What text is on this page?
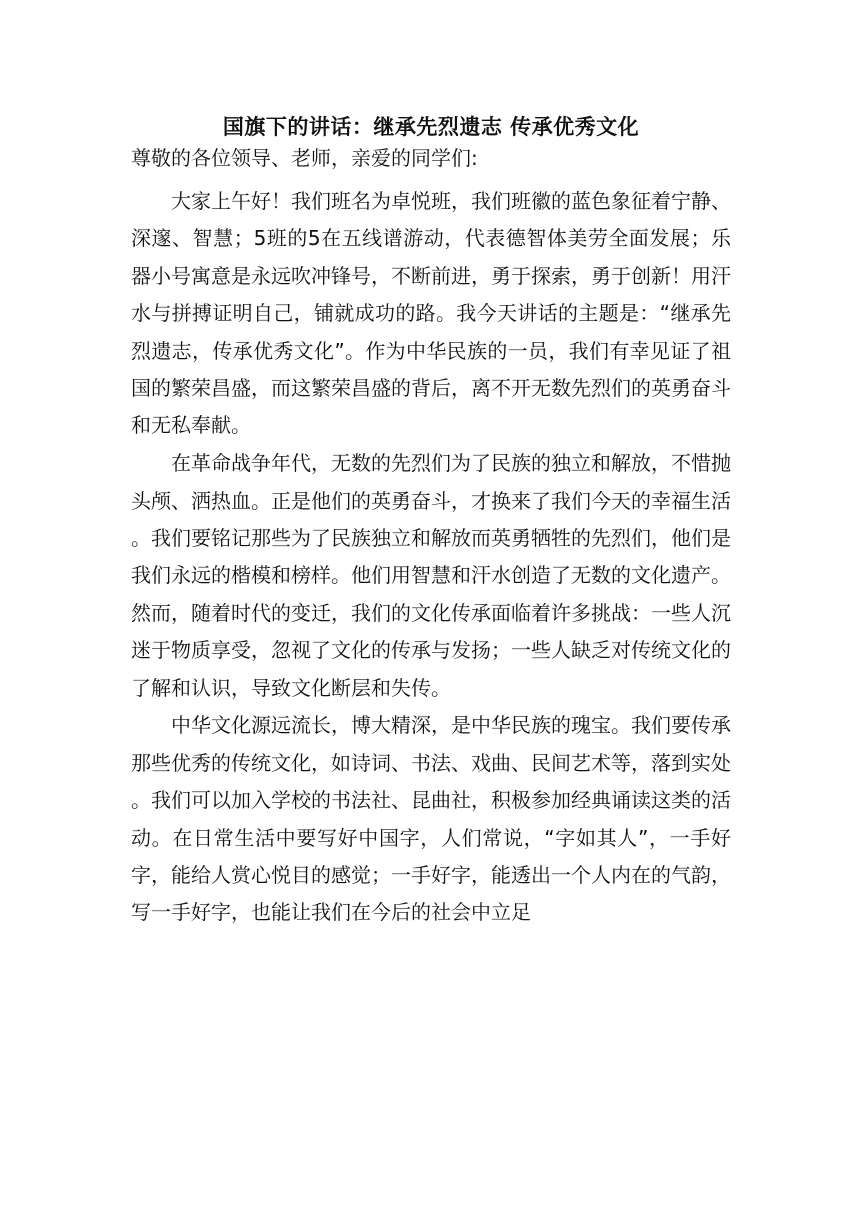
国旗下的讲话：继承先烈遗志 传承优秀文化
尊敬的各位领导、老师，亲爱的同学们:

大家上午好！我们班名为卓悦班，我们班徽的蓝色象征着宁静、深邃、智慧；5班的5在五线谱游动，代表德智体美劳全面发展；乐器小号寓意是永远吹冲锋号，不断前进，勇于探索，勇于创新！用汗水与拼搏证明自己，铺就成功的路。我今天讲话的主题是：“继承先烈遗志，传承优秀文化”。作为中华民族的一员，我们有幸见证了祖国的繁荣昌盛，而这繁荣昌盛的背后，离不开无数先烈们的英勇奋斗和无私奉献。

在革命战争年代，无数的先烈们为了民族的独立和解放，不惜抛头颅、洒热血。正是他们的英勇奋斗，才换来了我们今天的幸福生活。我们要铭记那些为了民族独立和解放而英勇牺牲的先烈们，他们是我们永远的楷模和榜样。他们用智慧和汗水创造了无数的文化遗产。然而，随着时代的变迁，我们的文化传承面临着许多挑战：一些人沉迷于物质享受，忽视了文化的传承与发扬；一些人缺乏对传统文化的了解和认识，导致文化断层和失传。

中华文化源远流长，博大精深，是中华民族的瑰宝。我们要传承那些优秀的传统文化，如诗词、书法、戏曲、民间艺术等，落到实处。我们可以加入学校的书法社、昆曲社，积极参加经典诵读这类的活动。在日常生活中要写好中国字，人们常说，“字如其人”，一手好字，能给人赏心悦目的感觉；一手好字，能透出一个人内在的气韵，写一手好字，也能让我们在今后的社会中立足
